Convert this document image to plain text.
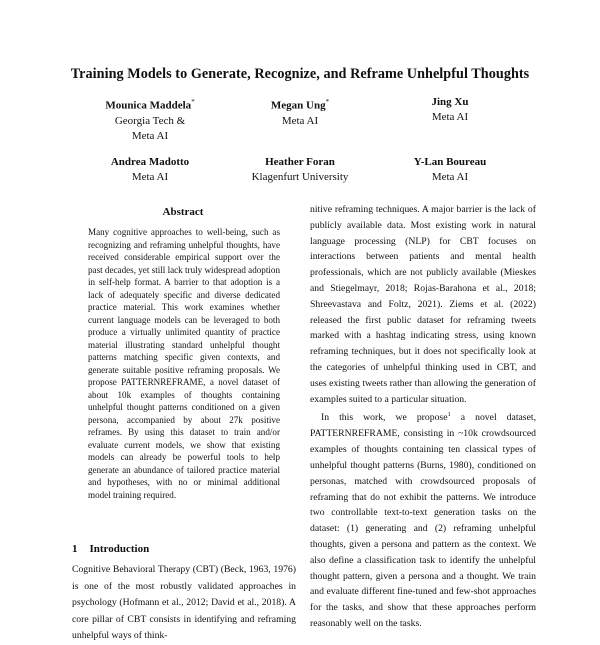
Training Models to Generate, Recognize, and Reframe Unhelpful Thoughts
Mounica Maddela*
Georgia Tech &
Meta AI
Megan Ung*
Meta AI
Jing Xu
Meta AI
Andrea Madotto
Meta AI
Heather Foran
Klagenfurt University
Y-Lan Boureau
Meta AI
Abstract
Many cognitive approaches to well-being, such as recognizing and reframing unhelpful thoughts, have received considerable empirical support over the past decades, yet still lack truly widespread adoption in self-help format. A barrier to that adoption is a lack of adequately specific and diverse dedicated practice material. This work examines whether current language models can be leveraged to both produce a virtually unlimited quantity of practice material illustrating standard unhelpful thought patterns matching specific given contexts, and generate suitable positive reframing proposals. We propose PATTERNREFRAME, a novel dataset of about 10k examples of thoughts containing unhelpful thought patterns conditioned on a given persona, accompanied by about 27k positive reframes. By using this dataset to train and/or evaluate current models, we show that existing models can already be powerful tools to help generate an abundance of tailored practice material and hypotheses, with no or minimal additional model training required.
1 Introduction
Cognitive Behavioral Therapy (CBT) (Beck, 1963, 1976) is one of the most robustly validated approaches in psychology (Hofmann et al., 2012; David et al., 2018). A core pillar of CBT consists in identifying and reframing unhelpful ways of think-

nitive reframing techniques. A major barrier is the lack of publicly available data. Most existing work in natural language processing (NLP) for CBT focuses on interactions between patients and mental health professionals, which are not publicly available (Mieskes and Stiegelmayr, 2018; Rojas-Barahona et al., 2018; Shreevastava and Foltz, 2021). Ziems et al. (2022) released the first public dataset for reframing tweets marked with a hashtag indicating stress, using known reframing techniques, but it does not specifically look at the categories of unhelpful thinking used in CBT, and uses existing tweets rather than allowing the generation of examples suited to a particular situation.

In this work, we propose$^1$ a novel dataset, PATTERNREFRAME, consisting in ~10k crowdsourced examples of thoughts containing ten classical types of unhelpful thought patterns (Burns, 1980), conditioned on personas, matched with crowdsourced proposals of reframing that do not exhibit the patterns. We introduce two controllable text-to-text generation tasks on the dataset: (1) generating and (2) reframing unhelpful thoughts, given a persona and pattern as the context. We also define a classification task to identify the unhelpful thought pattern, given a persona and a thought. We train and evaluate different fine-tuned and few-shot approaches for the tasks, and show that these approaches perform reasonably well on the tasks.
